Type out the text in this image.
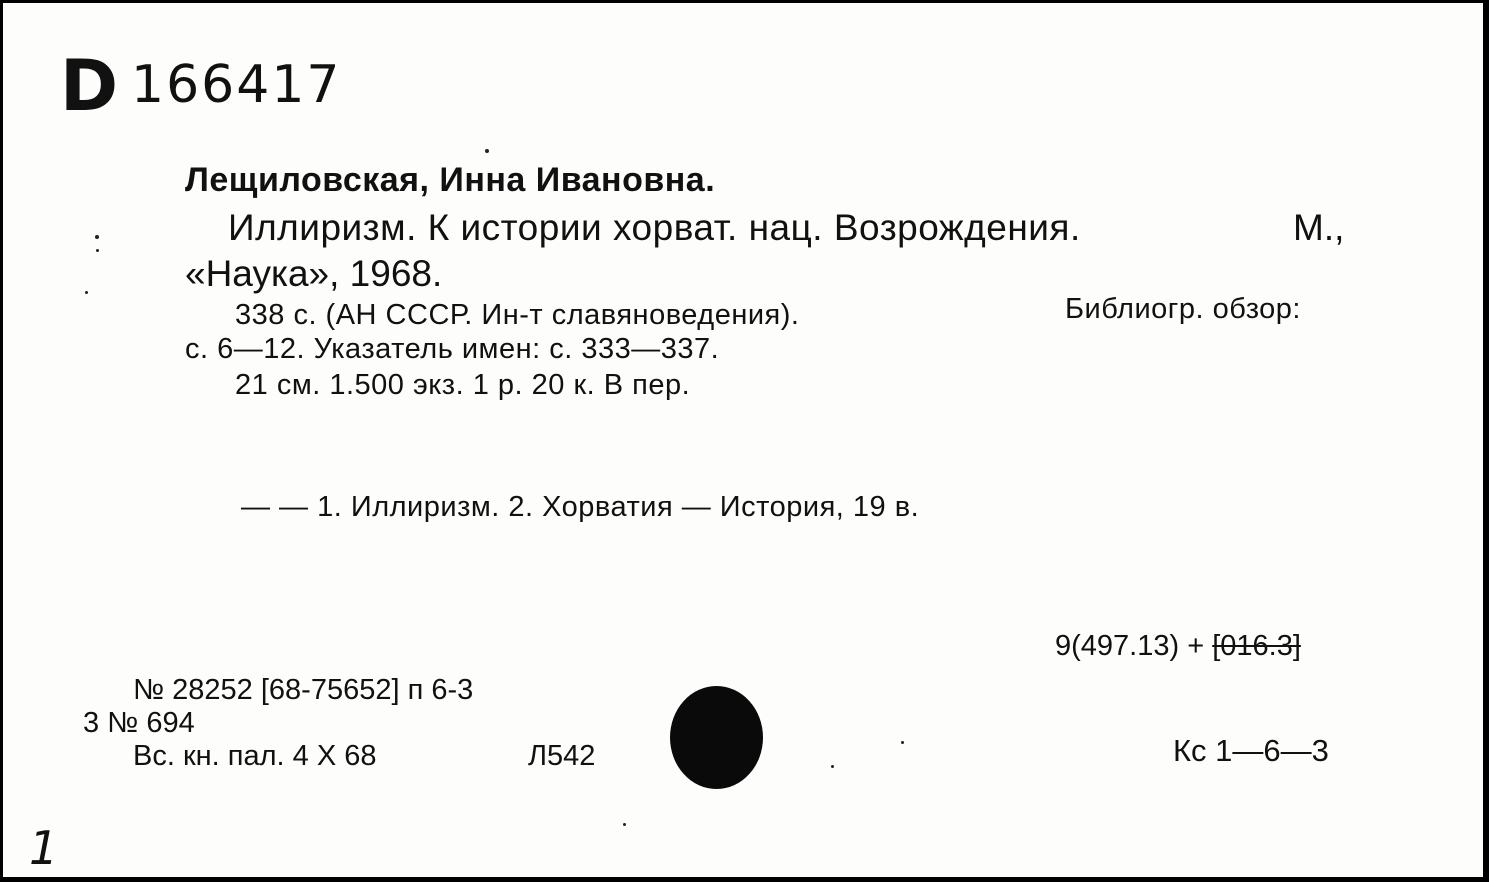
D 166417
Лещиловская, Инна Ивановна.
Иллиризм. К истории хорват. нац. Возрождения.	М.,
«Наука», 1968.
338 с. (АН СССР. Ин-т славяноведения).	Библиогр. обзор:
с. 6—12. Указатель имен: с. 333—337.
21 см. 1.500 экз. 1 р. 20 к. В пер.
— — 1. Иллиризм. 2. Хорватия — История, 19 в.
9(497.13) + [016.3]
№ 28252 [68-75652] п 6-3
3 № 694
Вс. кн. пал. 4 X 68	Л542	Кс 1—6—3
1
